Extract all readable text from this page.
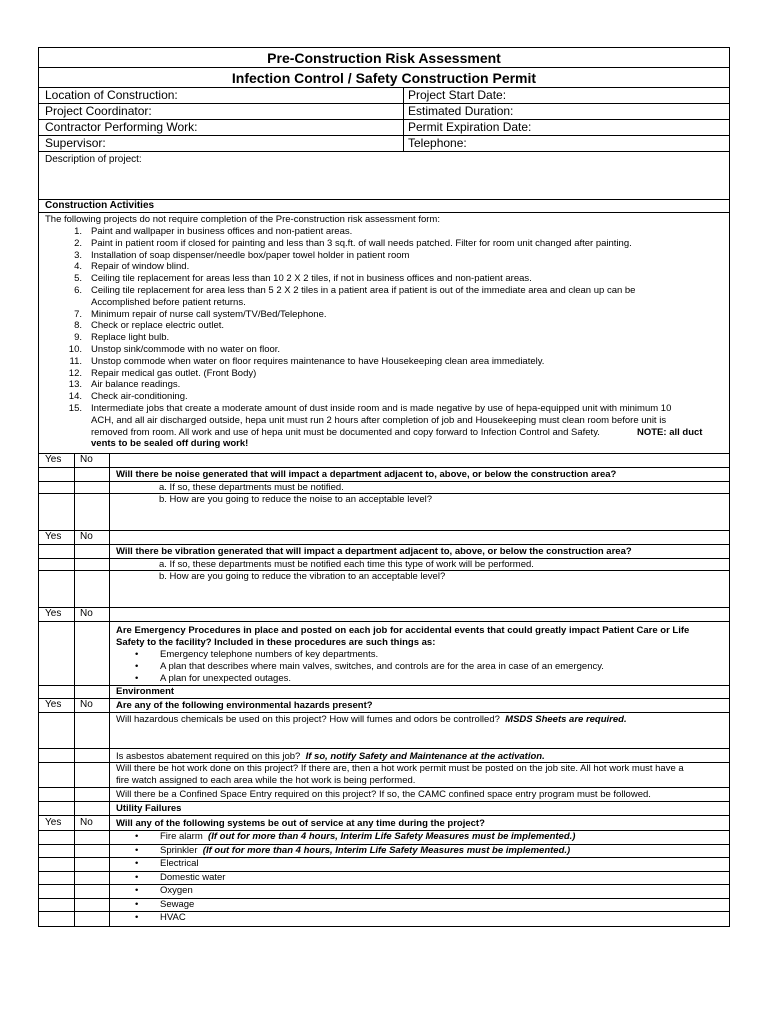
Pre-Construction Risk Assessment
Infection Control / Safety Construction Permit
Location of Construction:	Project Start Date:
Project Coordinator:	Estimated Duration:
Contractor Performing Work:	Permit Expiration Date:
Supervisor:	Telephone:
Description of project:
Construction Activities
The following projects do not require completion of the Pre-construction risk assessment form:
1. Paint and wallpaper in business offices and non-patient areas.
2. Paint in patient room if closed for painting and less than 3 sq.ft. of wall needs patched. Filter for room unit changed after painting.
3. Installation of soap dispenser/needle box/paper towel holder in patient room
4. Repair of window blind.
5. Ceiling tile replacement for areas less than 10 2 X 2 tiles, if not in business offices and non-patient areas.
6. Ceiling tile replacement for area less than 5 2 X 2 tiles in a patient area if patient is out of the immediate area and clean up can be
Accomplished before patient returns.
7. Minimum repair of nurse call system/TV/Bed/Telephone.
8. Check or replace electric outlet.
9. Replace light bulb.
10. Unstop sink/commode with no water on floor.
11. Unstop commode when water on floor requires maintenance to have Housekeeping clean area immediately.
12. Repair medical gas outlet. (Front Body)
13. Air balance readings.
14. Check air-conditioning.
15. Intermediate jobs that create a moderate amount of dust inside room and is made negative by use of hepa-equipped unit with minimum 10
ACH, and all air discharged outside, hepa unit must run 2 hours after completion of job and Housekeeping must clean room before unit is
removed from room. All work and use of hepa unit must be documented and copy forward to Infection Control and Safety.	NOTE: all duct
vents to be sealed off during work!
Yes No
Will there be noise generated that will impact a department adjacent to, above, or below the construction area?
a. If so, these departments must be notified.
b. How are you going to reduce the noise to an acceptable level?
Yes No
Will there be vibration generated that will impact a department adjacent to, above, or below the construction area?
a. If so, these departments must be notified each time this type of work will be performed.
b. How are you going to reduce the vibration to an acceptable level?
Yes No
Are Emergency Procedures in place and posted on each job for accidental events that could greatly impact Patient Care or Life
Safety to the facility? Included in these procedures are such things as:
• Emergency telephone numbers of key departments.
• A plan that describes where main valves, switches, and controls are for the area in case of an emergency.
• A plan for unexpected outages.
Environment
Yes No Are any of the following environmental hazards present?
Will hazardous chemicals be used on this project? How will fumes and odors be controlled? MSDS Sheets are required.
Is asbestos abatement required on this job? If so, notify Safety and Maintenance at the activation.
Will there be hot work done on this project? If there are, then a hot work permit must be posted on the job site. All hot work must have a
fire watch assigned to each area while the hot work is being performed.
Will there be a Confined Space Entry required on this project? If so, the CAMC confined space entry program must be followed.
Utility Failures
Yes No Will any of the following systems be out of service at any time during the project?
• Fire alarm (If out for more than 4 hours, Interim Life Safety Measures must be implemented.)
• Sprinkler (If out for more than 4 hours, Interim Life Safety Measures must be implemented.)
• Electrical
• Domestic water
• Oxygen
• Sewage
• HVAC
